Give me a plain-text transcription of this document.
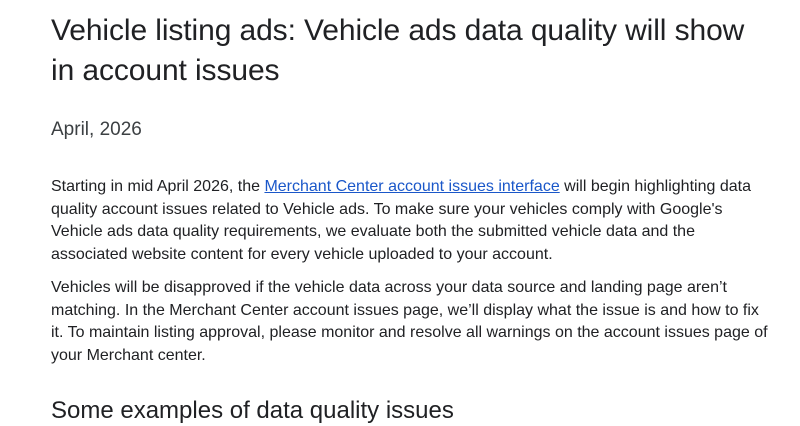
Vehicle listing ads: Vehicle ads data quality will show in account issues
April, 2026

Starting in mid April 2026, the Merchant Center account issues interface will begin highlighting data quality account issues related to Vehicle ads. To make sure your vehicles comply with Google's Vehicle ads data quality requirements, we evaluate both the submitted vehicle data and the associated website content for every vehicle uploaded to your account.

Vehicles will be disapproved if the vehicle data across your data source and landing page aren’t matching. In the Merchant Center account issues page, we’ll display what the issue is and how to fix it. To maintain listing approval, please monitor and resolve all warnings on the account issues page of your Merchant center.

Some examples of data quality issues
